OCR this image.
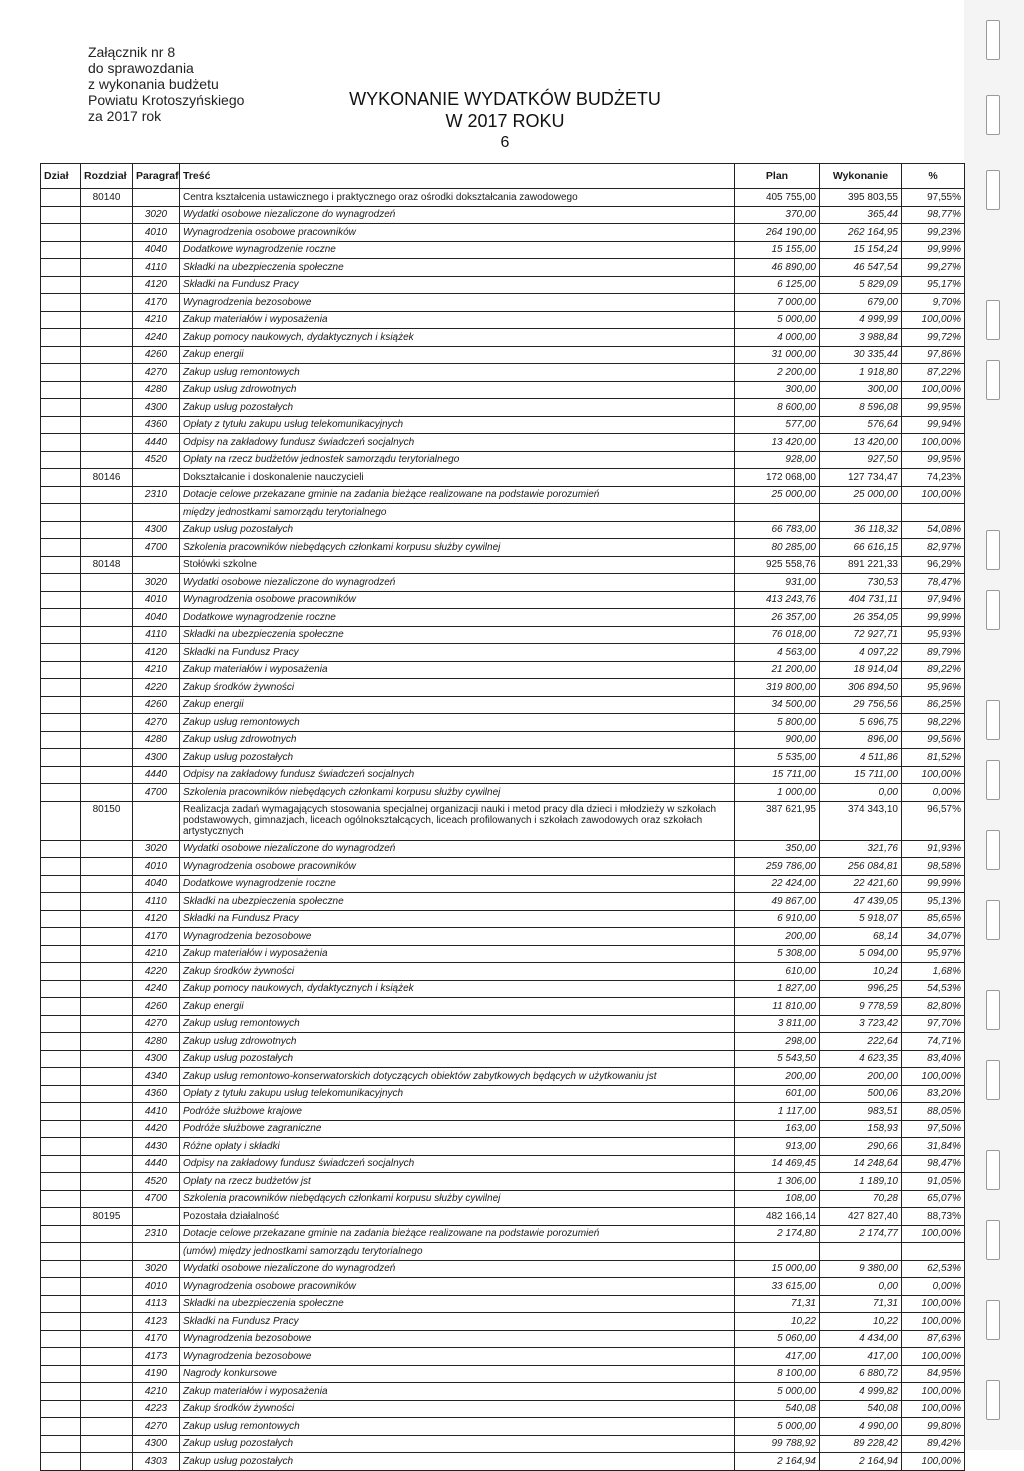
Załącznik nr 8
do sprawozdania
z wykonania budżetu
Powiatu Krotoszyńskiego
za 2017 rok
WYKONANIE WYDATKÓW BUDŻETU
W 2017 ROKU
6
Dział	Rozdział	Paragraf	Treść	Plan	Wykonanie	%
	80140		Centra kształcenia ustawicznego i praktycznego oraz ośrodki dokształcania zawodowego	405 755,00	395 803,55	97,55%
		3020	Wydatki osobowe niezaliczone do wynagrodzeń	370,00	365,44	98,77%
		4010	Wynagrodzenia osobowe pracowników	264 190,00	262 164,95	99,23%
		4040	Dodatkowe wynagrodzenie roczne	15 155,00	15 154,24	99,99%
		4110	Składki na ubezpieczenia społeczne	46 890,00	46 547,54	99,27%
		4120	Składki na Fundusz Pracy	6 125,00	5 829,09	95,17%
		4170	Wynagrodzenia bezosobowe	7 000,00	679,00	9,70%
		4210	Zakup materiałów i wyposażenia	5 000,00	4 999,99	100,00%
		4240	Zakup pomocy naukowych, dydaktycznych i książek	4 000,00	3 988,84	99,72%
		4260	Zakup energii	31 000,00	30 335,44	97,86%
		4270	Zakup usług remontowych	2 200,00	1 918,80	87,22%
		4280	Zakup usług zdrowotnych	300,00	300,00	100,00%
		4300	Zakup usług pozostałych	8 600,00	8 596,08	99,95%
		4360	Opłaty z tytułu zakupu usług telekomunikacyjnych	577,00	576,64	99,94%
		4440	Odpisy na zakładowy fundusz świadczeń socjalnych	13 420,00	13 420,00	100,00%
		4520	Opłaty na rzecz budżetów jednostek samorządu terytorialnego	928,00	927,50	99,95%
	80146		Dokształcanie i doskonalenie nauczycieli	172 068,00	127 734,47	74,23%
		2310	Dotacje celowe przekazane gminie na zadania bieżące realizowane na podstawie porozumień	25 000,00	25 000,00	100,00%
			między jednostkami samorządu terytorialnego			
		4300	Zakup usług pozostałych	66 783,00	36 118,32	54,08%
		4700	Szkolenia pracowników niebędących członkami korpusu służby cywilnej	80 285,00	66 616,15	82,97%
	80148		Stołówki szkolne	925 558,76	891 221,33	96,29%
		3020	Wydatki osobowe niezaliczone do wynagrodzeń	931,00	730,53	78,47%
		4010	Wynagrodzenia osobowe pracowników	413 243,76	404 731,11	97,94%
		4040	Dodatkowe wynagrodzenie roczne	26 357,00	26 354,05	99,99%
		4110	Składki na ubezpieczenia społeczne	76 018,00	72 927,71	95,93%
		4120	Składki na Fundusz Pracy	4 563,00	4 097,22	89,79%
		4210	Zakup materiałów i wyposażenia	21 200,00	18 914,04	89,22%
		4220	Zakup środków żywności	319 800,00	306 894,50	95,96%
		4260	Zakup energii	34 500,00	29 756,56	86,25%
		4270	Zakup usług remontowych	5 800,00	5 696,75	98,22%
		4280	Zakup usług zdrowotnych	900,00	896,00	99,56%
		4300	Zakup usług pozostałych	5 535,00	4 511,86	81,52%
		4440	Odpisy na zakładowy fundusz świadczeń socjalnych	15 711,00	15 711,00	100,00%
		4700	Szkolenia pracowników niebędących członkami korpusu służby cywilnej	1 000,00	0,00	0,00%
	80150		Realizacja zadań wymagających stosowania specjalnej organizacji nauki i metod pracy dla dzieci i młodzieży w szkołach podstawowych, gimnazjach, liceach ogólnokształcących, liceach profilowanych i szkołach zawodowych oraz szkołach artystycznych	387 621,95	374 343,10	96,57%
		3020	Wydatki osobowe niezaliczone do wynagrodzeń	350,00	321,76	91,93%
		4010	Wynagrodzenia osobowe pracowników	259 786,00	256 084,81	98,58%
		4040	Dodatkowe wynagrodzenie roczne	22 424,00	22 421,60	99,99%
		4110	Składki na ubezpieczenia społeczne	49 867,00	47 439,05	95,13%
		4120	Składki na Fundusz Pracy	6 910,00	5 918,07	85,65%
		4170	Wynagrodzenia bezosobowe	200,00	68,14	34,07%
		4210	Zakup materiałów i wyposażenia	5 308,00	5 094,00	95,97%
		4220	Zakup środków żywności	610,00	10,24	1,68%
		4240	Zakup pomocy naukowych, dydaktycznych i książek	1 827,00	996,25	54,53%
		4260	Zakup energii	11 810,00	9 778,59	82,80%
		4270	Zakup usług remontowych	3 811,00	3 723,42	97,70%
		4280	Zakup usług zdrowotnych	298,00	222,64	74,71%
		4300	Zakup usług pozostałych	5 543,50	4 623,35	83,40%
		4340	Zakup usług remontowo-konserwatorskich dotyczących obiektów zabytkowych będących w użytkowaniu jst	200,00	200,00	100,00%
		4360	Opłaty z tytułu zakupu usług telekomunikacyjnych	601,00	500,06	83,20%
		4410	Podróże służbowe krajowe	1 117,00	983,51	88,05%
		4420	Podróże służbowe zagraniczne	163,00	158,93	97,50%
		4430	Różne opłaty i składki	913,00	290,66	31,84%
		4440	Odpisy na zakładowy fundusz świadczeń socjalnych	14 469,45	14 248,64	98,47%
		4520	Opłaty na rzecz budżetów jst	1 306,00	1 189,10	91,05%
		4700	Szkolenia pracowników niebędących członkami korpusu służby cywilnej	108,00	70,28	65,07%
	80195		Pozostała działalność	482 166,14	427 827,40	88,73%
		2310	Dotacje celowe przekazane gminie na zadania bieżące realizowane na podstawie porozumień	2 174,80	2 174,77	100,00%
			(umów) między jednostkami samorządu terytorialnego			
		3020	Wydatki osobowe niezaliczone do wynagrodzeń	15 000,00	9 380,00	62,53%
		4010	Wynagrodzenia osobowe pracowników	33 615,00	0,00	0,00%
		4113	Składki na ubezpieczenia społeczne	71,31	71,31	100,00%
		4123	Składki na Fundusz Pracy	10,22	10,22	100,00%
		4170	Wynagrodzenia bezosobowe	5 060,00	4 434,00	87,63%
		4173	Wynagrodzenia bezosobowe	417,00	417,00	100,00%
		4190	Nagrody konkursowe	8 100,00	6 880,72	84,95%
		4210	Zakup materiałów i wyposażenia	5 000,00	4 999,82	100,00%
		4223	Zakup środków żywności	540,08	540,08	100,00%
		4270	Zakup usług remontowych	5 000,00	4 990,00	99,80%
		4300	Zakup usług pozostałych	99 788,92	89 228,42	89,42%
		4303	Zakup usług pozostałych	2 164,94	2 164,94	100,00%
